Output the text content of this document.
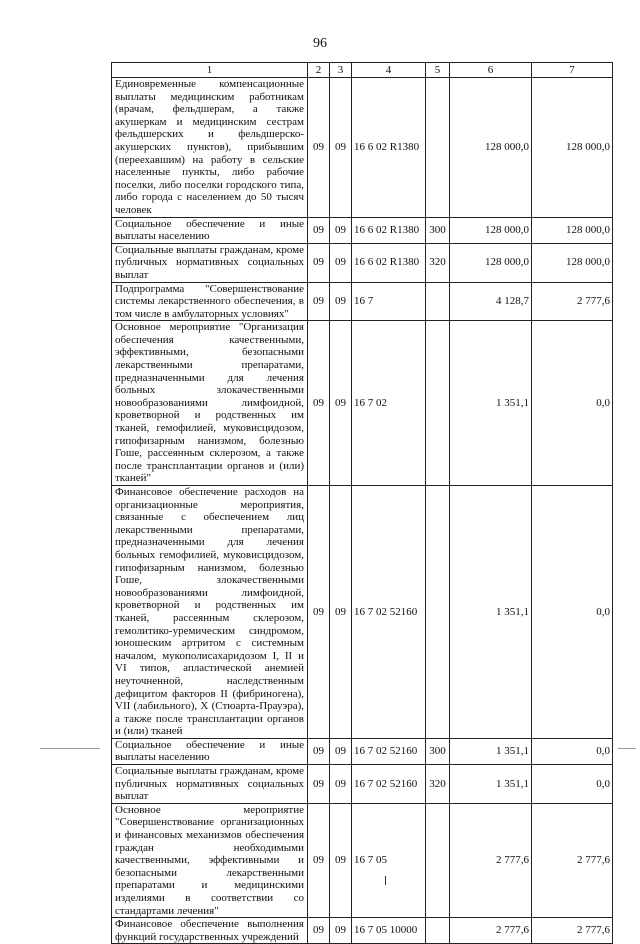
96
1	2	3	4	5	6	7
Единовременные компенсационные выплаты медицинским работникам (врачам, фельдшерам, а также акушеркам и медицинским сестрам фельдшерских и фельдшерско-акушерских пунктов), прибывшим (переехавшим) на работу в сельские населенные пункты, либо рабочие поселки, либо поселки городского типа, либо города с населением до 50 тысяч человек	09	09	16 6 02 R1380		128 000,0	128 000,0
Социальное обеспечение и иные выплаты населению	09	09	16 6 02 R1380	300	128 000,0	128 000,0
Социальные выплаты гражданам, кроме публичных нормативных социальных выплат	09	09	16 6 02 R1380	320	128 000,0	128 000,0
Подпрограмма "Совершенствование системы лекарственного обеспечения, в том числе в амбулаторных условиях"	09	09	16 7		4 128,7	2 777,6
Основное мероприятие "Организация обеспечения качественными, эффективными, безопасными лекарственными препаратами, предназначенными для лечения больных злокачественными новообразованиями лимфоидной, кроветворной и родственных им тканей, гемофилией, муковисцидозом, гипофизарным нанизмом, болезнью Гоше, рассеянным склерозом, а также после трансплантации органов и (или) тканей"	09	09	16 7 02		1 351,1	0,0
Финансовое обеспечение расходов на организационные мероприятия, связанные с обеспечением лиц лекарственными препаратами, предназначенными для лечения больных гемофилией, муковисцидозом, гипофизарным нанизмом, болезнью Гоше, злокачественными новообразованиями лимфоидной, кроветворной и родственных им тканей, рассеянным склерозом, гемолитико-уремическим синдромом, юношеским артритом с системным началом, мукополисахаридозом I, II и VI типов, апластической анемией неуточненной, наследственным дефицитом факторов II (фибриногена), VII (лабильного), X (Стюарта-Прауэра), а также после трансплантации органов и (или) тканей	09	09	16 7 02 52160		1 351,1	0,0
Социальное обеспечение и иные выплаты населению	09	09	16 7 02 52160	300	1 351,1	0,0
Социальные выплаты гражданам, кроме публичных нормативных социальных выплат	09	09	16 7 02 52160	320	1 351,1	0,0
Основное мероприятие "Совершенствование организационных и финансовых механизмов обеспечения граждан необходимыми качественными, эффективными и безопасными лекарственными препаратами и медицинскими изделиями в соответствии со стандартами лечения"	09	09	16 7 05		2 777,6	2 777,6
Финансовое обеспечение выполнения функций государственных учреждений	09	09	16 7 05 10000		2 777,6	2 777,6
